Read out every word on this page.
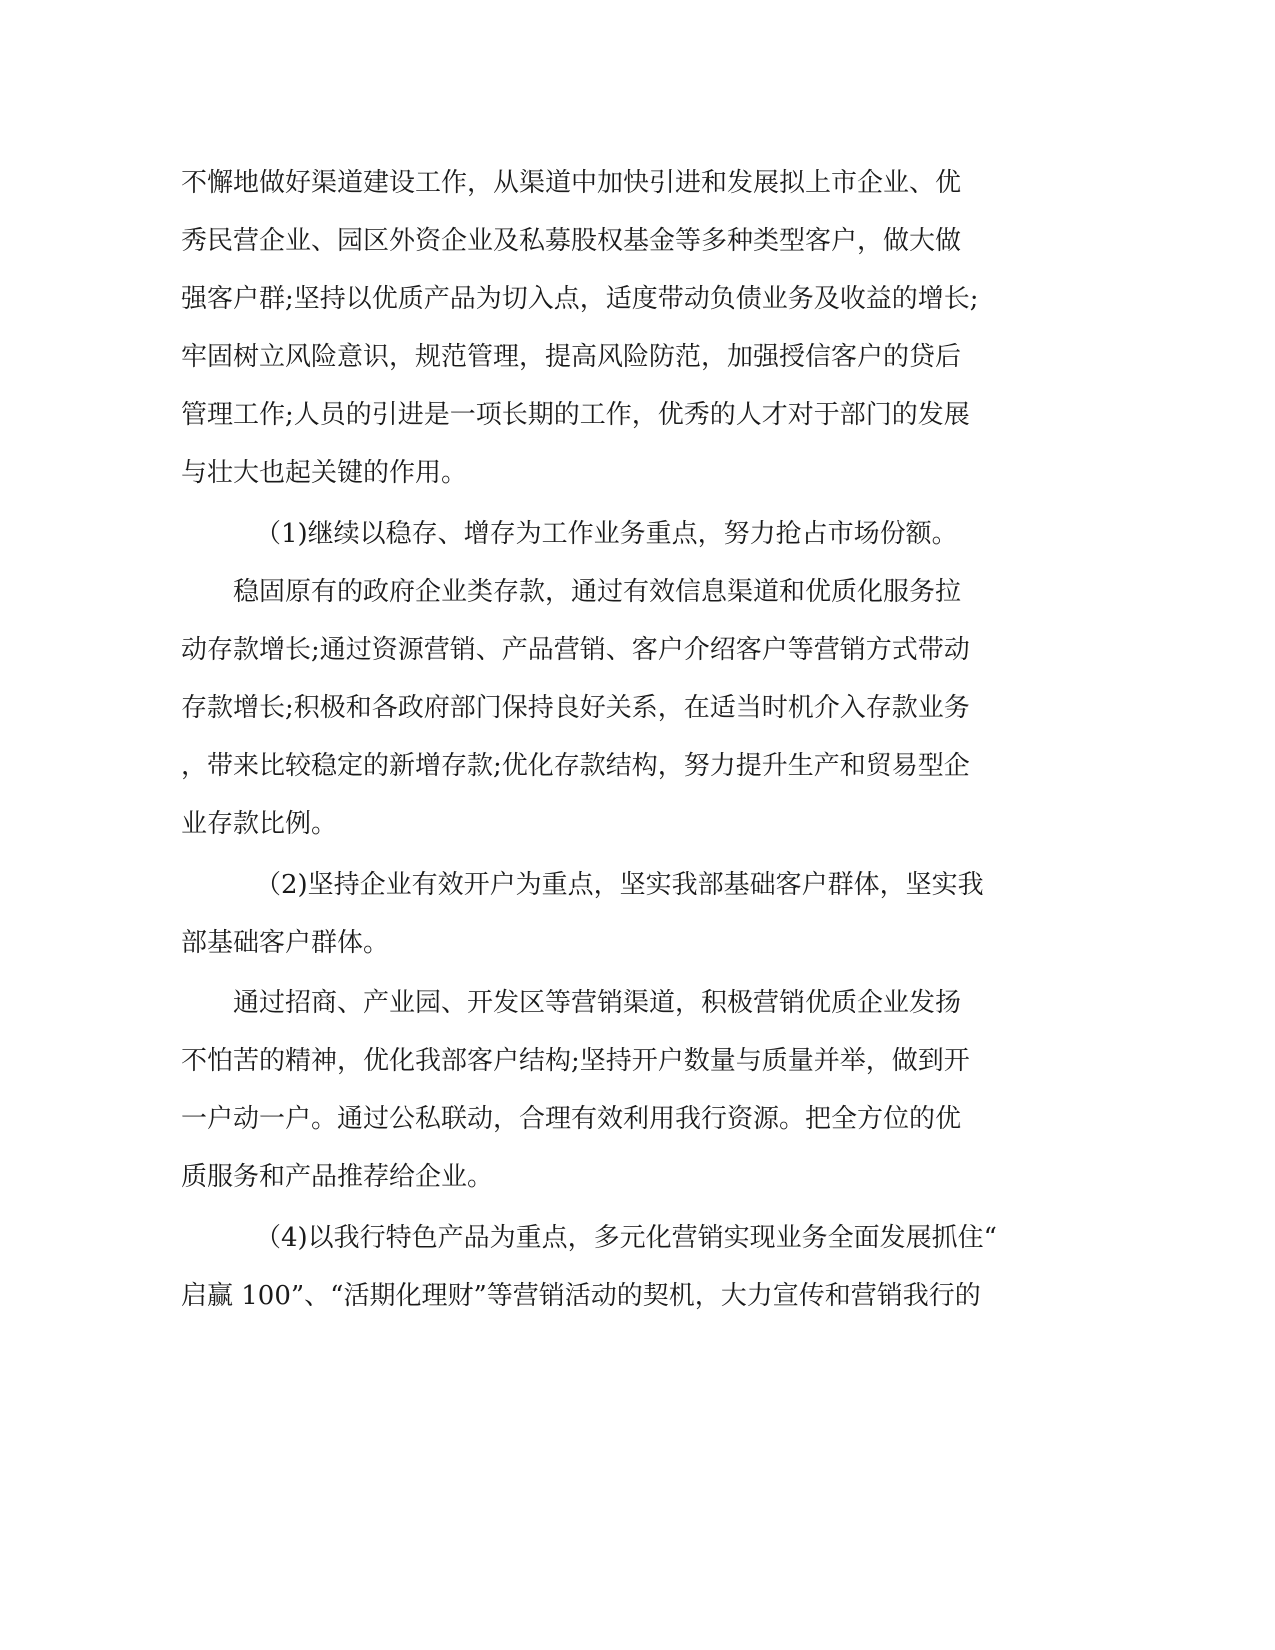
不懈地做好渠道建设工作，从渠道中加快引进和发展拟上市企业、优

秀民营企业、园区外资企业及私募股权基金等多种类型客户，做大做

强客户群;坚持以优质产品为切入点，适度带动负债业务及收益的增长;

牢固树立风险意识，规范管理，提高风险防范，加强授信客户的贷后

管理工作;人员的引进是一项长期的工作，优秀的人才对于部门的发展

与壮大也起关键的作用。

（1)继续以稳存、增存为工作业务重点，努力抢占市场份额。

稳固原有的政府企业类存款，通过有效信息渠道和优质化服务拉

动存款增长;通过资源营销、产品营销、客户介绍客户等营销方式带动

存款增长;积极和各政府部门保持良好关系，在适当时机介入存款业务

，带来比较稳定的新增存款;优化存款结构，努力提升生产和贸易型企

业存款比例。

（2)坚持企业有效开户为重点，坚实我部基础客户群体，坚实我

部基础客户群体。

通过招商、产业园、开发区等营销渠道，积极营销优质企业发扬

不怕苦的精神，优化我部客户结构;坚持开户数量与质量并举，做到开

一户动一户。通过公私联动，合理有效利用我行资源。把全方位的优

质服务和产品推荐给企业。

（4)以我行特色产品为重点，多元化营销实现业务全面发展抓住“

启赢 100”、“活期化理财”等营销活动的契机，大力宣传和营销我行的
